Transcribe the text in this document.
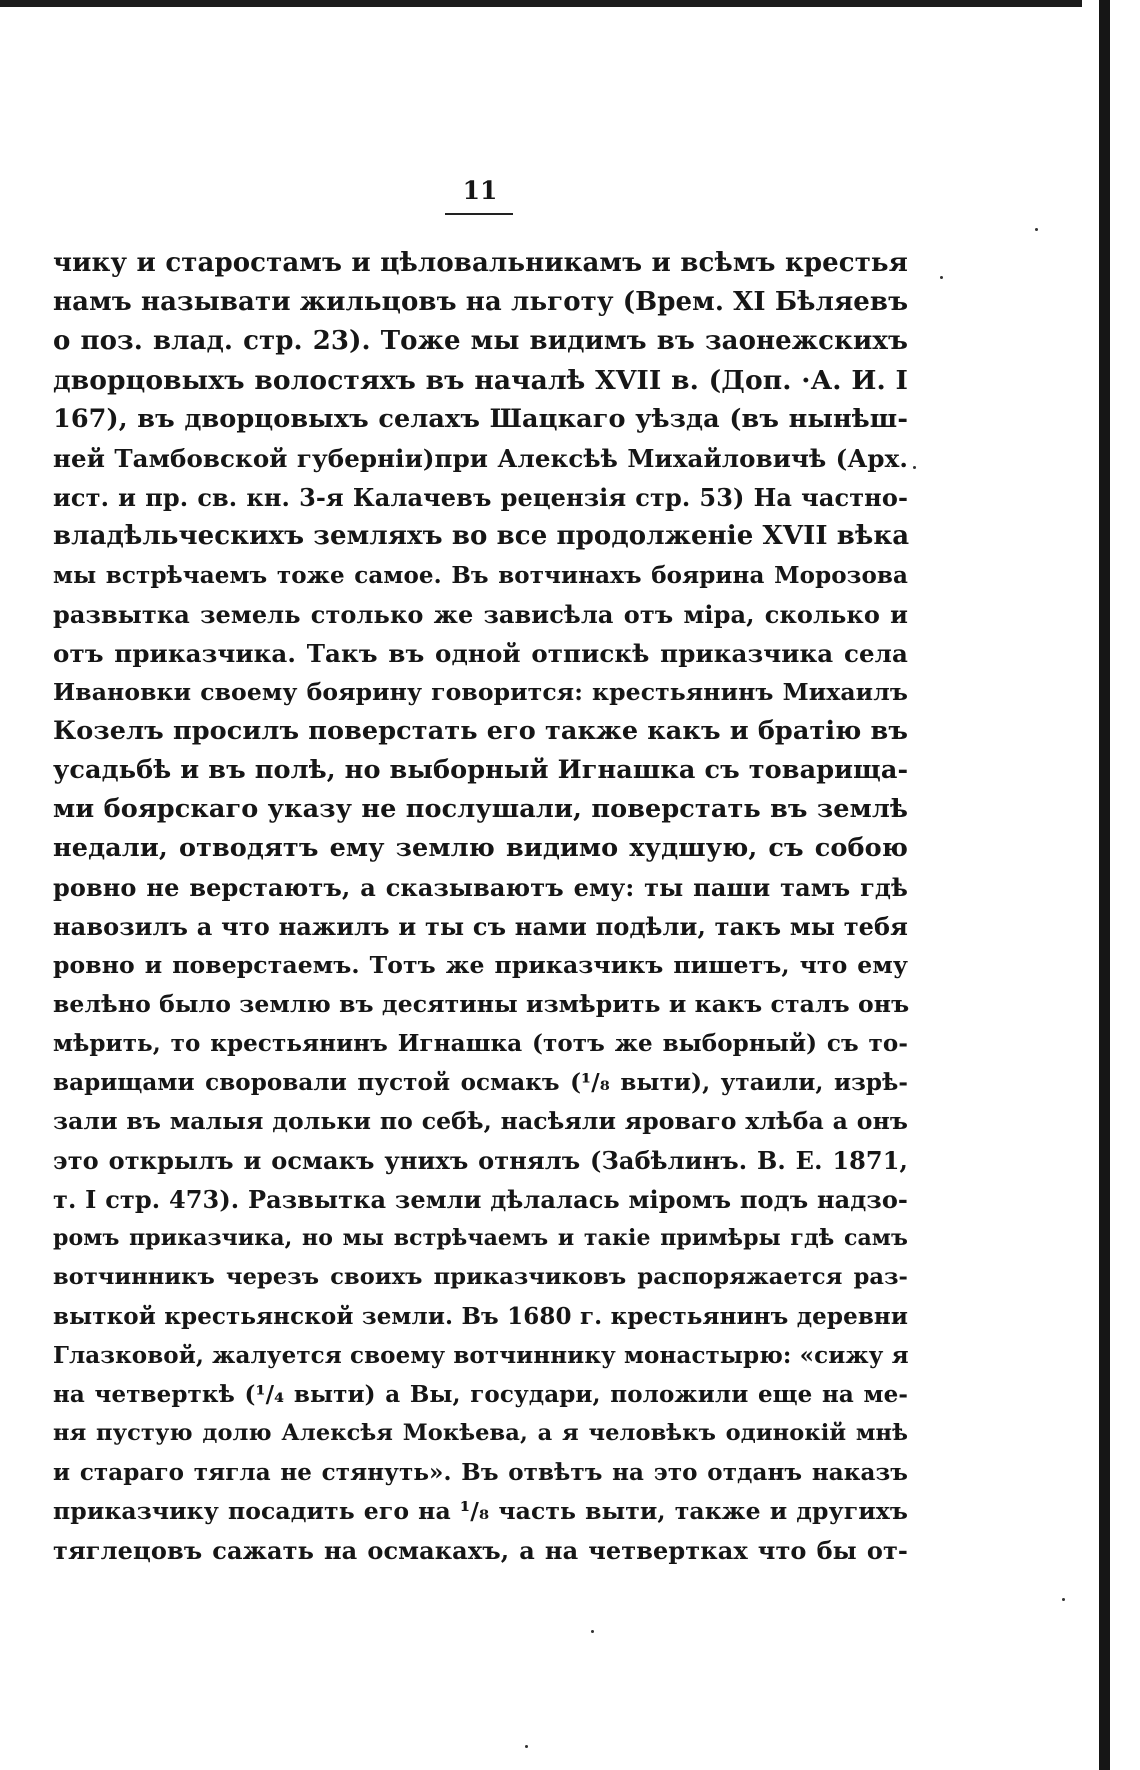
11
чику и старостамъ и цѣловальникамъ и всѣмъ крестья
намъ называти жильцовъ на льготу (Врем. XI Бѣляевъ
о поз. влад. стр. 23). Тоже мы видимъ въ заонежскихъ
дворцовыхъ волостяхъ въ началѣ XVII в. (Доп. ·А. И. I
167), въ дворцовыхъ селахъ Шацкаго уѣзда (въ нынѣш-
ней Тамбовской губерніи)при Алексѣѣ Михайловичѣ (Арх.
ист. и пр. св. кн. 3-я Калачевъ рецензія стр. 53) На частно-
владѣльческихъ земляхъ во все продолженіе XVII вѣка
мы встрѣчаемъ тоже самое. Въ вотчинахъ боярина Морозова
развытка земель столько же зависѣла отъ міра, сколько и
отъ приказчика. Такъ въ одной отпискѣ приказчика села
Ивановки своему боярину говорится: крестьянинъ Михаилъ
Козелъ просилъ поверстать его также какъ и братію въ
усадьбѣ и въ полѣ, но выборный Игнашка съ товарища-
ми боярскаго указу не послушали, поверстать въ землѣ
недали, отводятъ ему землю видимо худшую, съ собою
ровно не верстаютъ, а сказываютъ ему: ты паши тамъ гдѣ
навозилъ а что нажилъ и ты съ нами подѣли, такъ мы тебя
ровно и поверстаемъ. Тотъ же приказчикъ пишетъ, что ему
велѣно было землю въ десятины измѣрить и какъ сталъ онъ
мѣрить, то крестьянинъ Игнашка (тотъ же выборный) съ то-
варищами своровали пустой осмакъ (¹/₈ выти), утаили, изрѣ-
зали въ малыя дольки по себѣ, насѣяли яроваго хлѣба а онъ
это открылъ и осмакъ униxъ отнялъ (Забѣлинъ. В. Е. 1871,
т. I стр. 473). Развытка земли дѣлалась міромъ подъ надзо-
ромъ приказчика, но мы встрѣчаемъ и такіе примѣры гдѣ самъ
вотчинникъ черезъ своихъ приказчиковъ распоряжается раз-
выткой крестьянской земли. Въ 1680 г. крестьянинъ деревни
Глазковой, жалуется своему вотчиннику монастырю: «сижу я
на четверткѣ (¹/₄ выти) а Вы, государи, положили еще на ме-
ня пустую долю Алексѣя Мокѣева, а я человѣкъ одинокій мнѣ
и стараго тягла не стянуть». Въ отвѣтъ на это отданъ наказъ
приказчику посадить его на ¹/₈ часть выти, также и другихъ
тяглецовъ сажать на осмакахъ, а на четвертках что бы от-
